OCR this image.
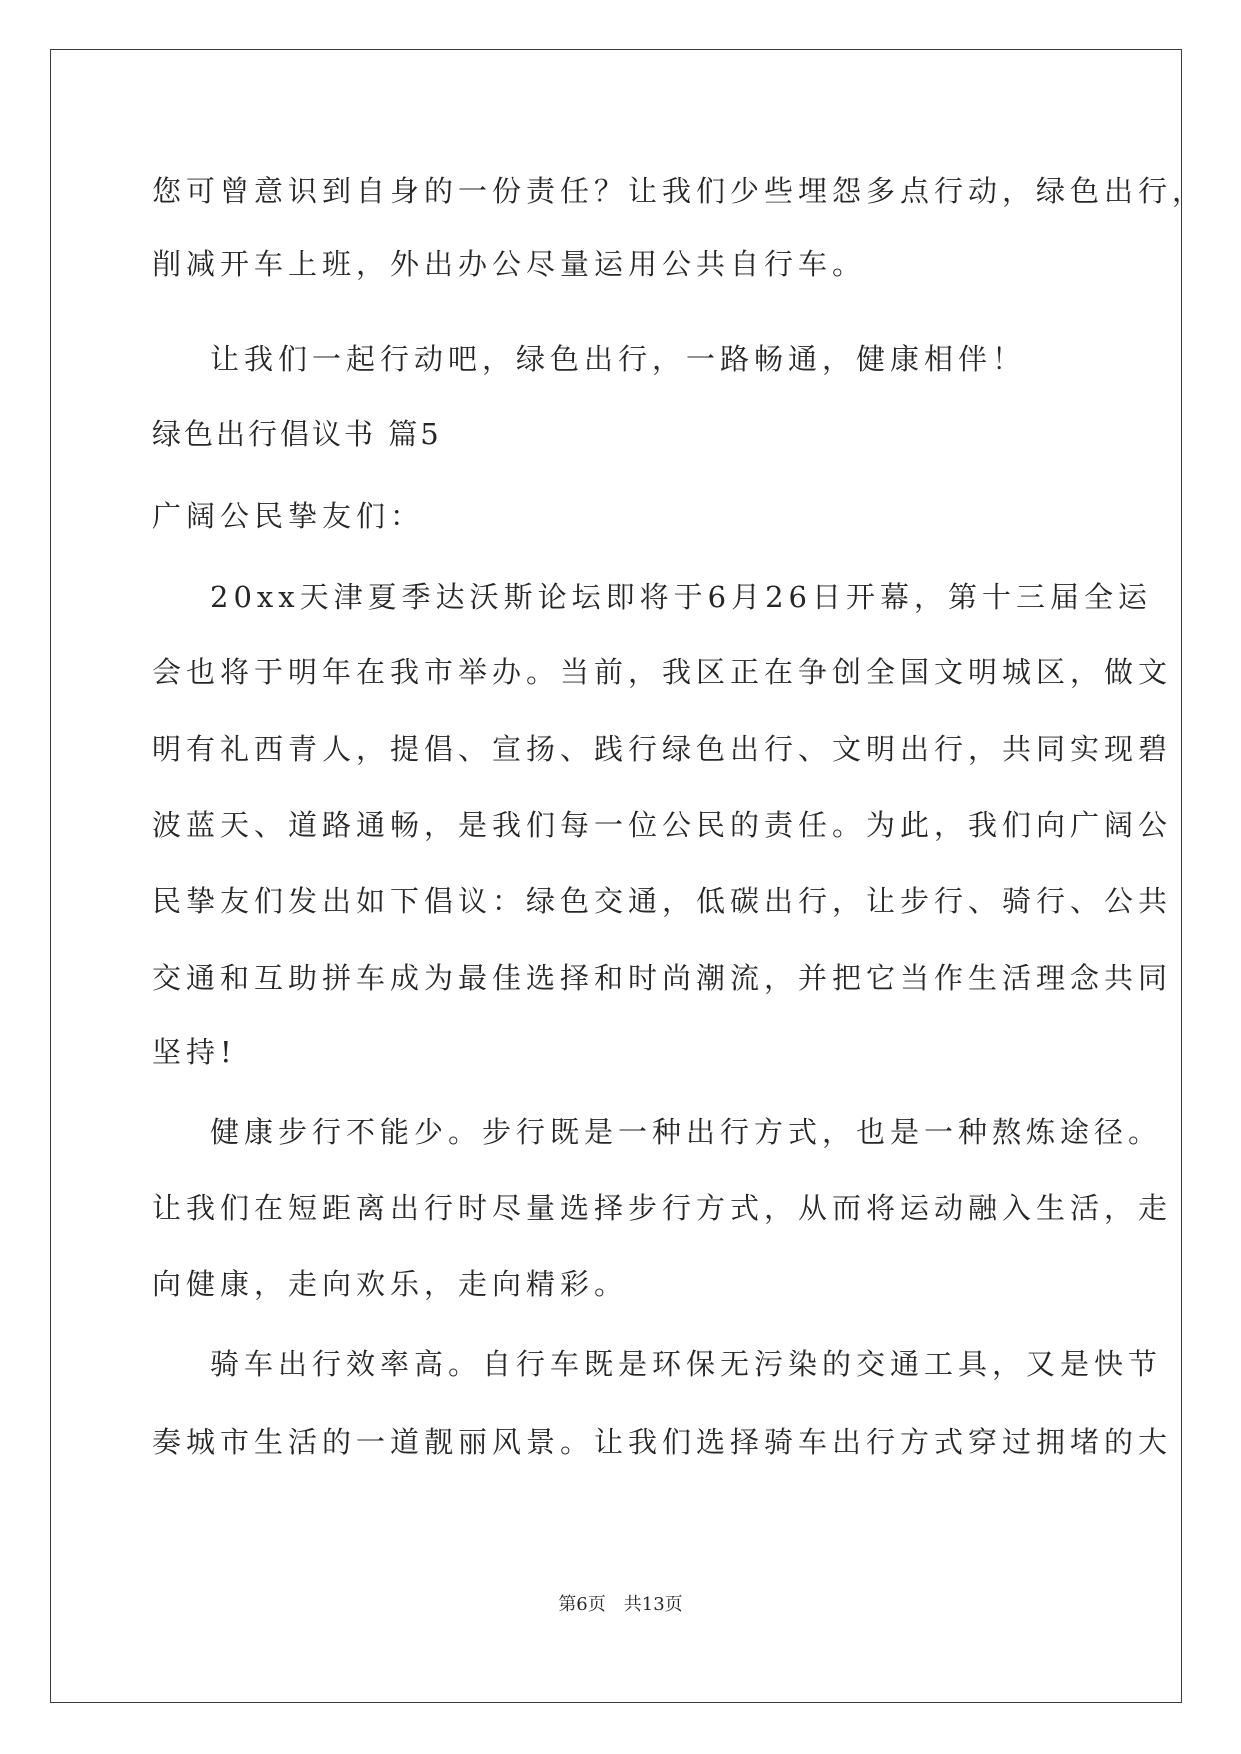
您可曾意识到自身的一份责任？让我们少些埋怨多点行动，绿色出行，
削减开车上班，外出办公尽量运用公共自行车。
让我们一起行动吧，绿色出行，一路畅通，健康相伴！
绿色出行倡议书 篇5
广阔公民挚友们：
20xx天津夏季达沃斯论坛即将于6月26日开幕，第十三届全运
会也将于明年在我市举办。当前，我区正在争创全国文明城区，做文
明有礼西青人，提倡、宣扬、践行绿色出行、文明出行，共同实现碧
波蓝天、道路通畅，是我们每一位公民的责任。为此，我们向广阔公
民挚友们发出如下倡议：绿色交通，低碳出行，让步行、骑行、公共
交通和互助拼车成为最佳选择和时尚潮流，并把它当作生活理念共同
坚持!
健康步行不能少。步行既是一种出行方式，也是一种熬炼途径。
让我们在短距离出行时尽量选择步行方式，从而将运动融入生活，走
向健康，走向欢乐，走向精彩。
骑车出行效率高。自行车既是环保无污染的交通工具，又是快节
奏城市生活的一道靓丽风景。让我们选择骑车出行方式穿过拥堵的大
第6页 共13页
